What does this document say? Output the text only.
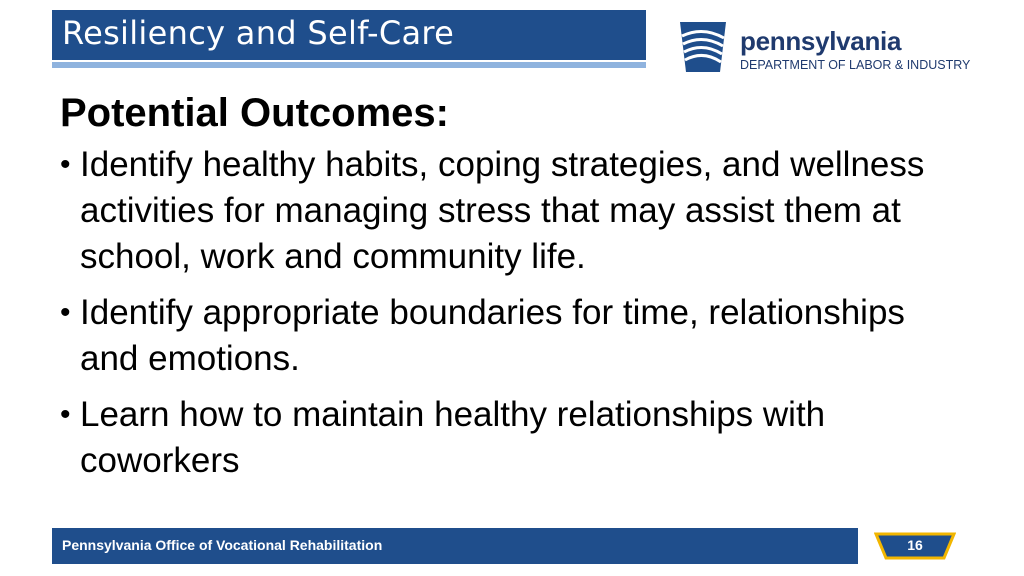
Resiliency and Self-Care	pennsylvania
DEPARTMENT OF LABOR & INDUSTRY
Potential Outcomes:
• Identify healthy habits, coping strategies, and wellness activities for managing stress that may assist them at school, work and community life.
• Identify appropriate boundaries for time, relationships and emotions.
• Learn how to maintain healthy relationships with coworkers
Pennsylvania Office of Vocational Rehabilitation	16
